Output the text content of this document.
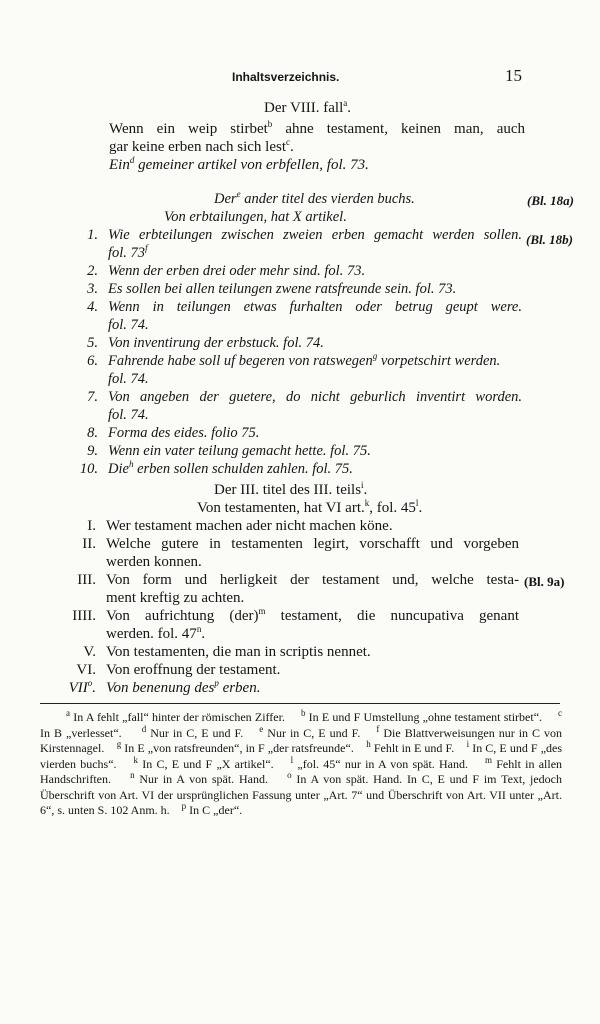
Inhaltsverzeichnis.	15
Der VIII. fall$^a$.
Wenn ein weip stirbet$^b$ ahne testament, keinen man, auch
gar keine erben nach sich lest$^c$.
Ein$^d$ gemeiner artikel von erbfellen, fol. 73.
Der$^e$ ander titel des vierden buchs.	(Bl. 18a)
Von erbtailungen, hat X artikel.
(Bl. 18b)
1. Wie erbteilungen zwischen zweien erben gemacht werden sollen.
fol. 73$^f$
2. Wenn der erben drei oder mehr sind. fol. 73.
3. Es sollen bei allen teilungen zwene ratsfreunde sein. fol. 73.
4. Wenn in teilungen etwas furhalten oder betrug geupt were.
fol. 74.
5. Von inventirung der erbstuck. fol. 74.
6. Fahrende habe soll uf begeren von ratswegen$^g$ vorpetschirt werden.
fol. 74.
7. Von angeben der guetere, do nicht geburlich inventirt worden.
fol. 74.
8. Forma des eides. folio 75.
9. Wenn ein vater teilung gemacht hette. fol. 75.
10. Die$^h$ erben sollen schulden zahlen. fol. 75.
Der III. titel des III. teils$^i$.
Von testamenten, hat VI art.$^k$, fol. 45$^l$.
I. Wer testament machen ader nicht machen köne.
II. Welche gutere in testamenten legirt, vorschafft und vorgeben
werden konnen.
III. Von form und herligkeit der testament und, welche testa-
ment kreftig zu achten.
(Bl. 9a)
IIII. Von aufrichtung (der)$^m$ testament, die nuncupativa genant
werden. fol. 47$^n$.
V. Von testamenten, die man in scriptis nennet.
VI. Von eroffnung der testament.
VII$^o$. Von benenung des$^p$ erben.
$^a$ In A fehlt „fall“ hinter der römischen Ziffer. $^b$ In E und F Umstellung „ohne testament stirbet“. $^c$ In B „verlesset“. $^d$ Nur in C, E und F. $^e$ Nur in C, E und F. $^f$ Die Blattverweisungen nur in C von Kirstennagel. $^g$ In E „von ratsfreunden“, in F „der ratsfreunde“. $^h$ Fehlt in E und F. $^i$ In C, E und F „des vierden buchs“. $^k$ In C, E und F „X artikel“. $^l$ „fol. 45“ nur in A von spät. Hand. $^m$ Fehlt in allen Handschriften. $^n$ Nur in A von spät. Hand. $^o$ In A von spät. Hand. In C, E und F im Text, jedoch Überschrift von Art. VI der ursprünglichen Fassung unter „Art. 7“ und Überschrift von Art. VII unter „Art. 6“, s. unten S. 102 Anm. h. $^p$ In C „der“.
